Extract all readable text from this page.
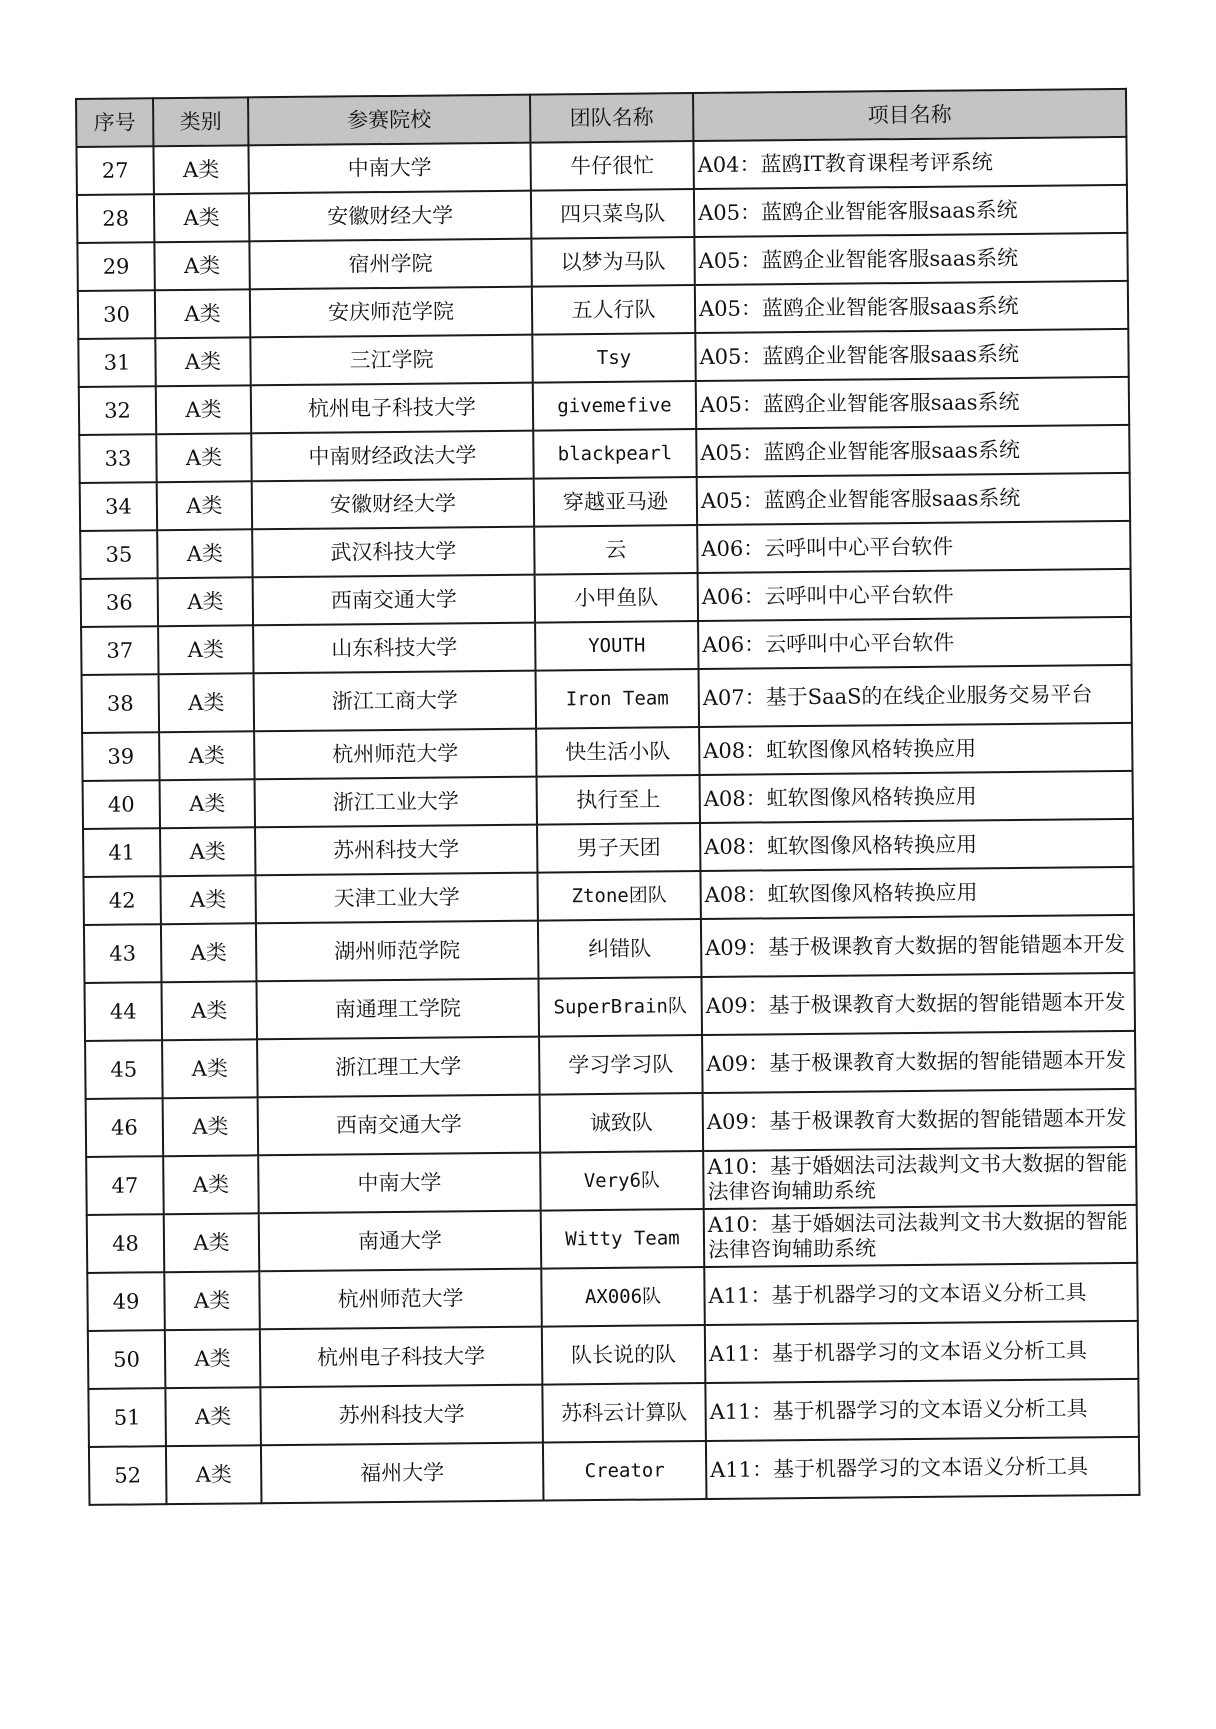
序号	类别	参赛院校	团队名称	项目名称
27	A类	中南大学	牛仔很忙	A04：蓝鸥IT教育课程考评系统
28	A类	安徽财经大学	四只菜鸟队	A05：蓝鸥企业智能客服saas系统
29	A类	宿州学院	以梦为马队	A05：蓝鸥企业智能客服saas系统
30	A类	安庆师范学院	五人行队	A05：蓝鸥企业智能客服saas系统
31	A类	三江学院	Tsy	A05：蓝鸥企业智能客服saas系统
32	A类	杭州电子科技大学	givemefive	A05：蓝鸥企业智能客服saas系统
33	A类	中南财经政法大学	blackpearl	A05：蓝鸥企业智能客服saas系统
34	A类	安徽财经大学	穿越亚马逊	A05：蓝鸥企业智能客服saas系统
35	A类	武汉科技大学	云	A06：云呼叫中心平台软件
36	A类	西南交通大学	小甲鱼队	A06：云呼叫中心平台软件
37	A类	山东科技大学	YOUTH	A06：云呼叫中心平台软件
38	A类	浙江工商大学	Iron Team	A07：基于SaaS的在线企业服务交易平台
39	A类	杭州师范大学	快生活小队	A08：虹软图像风格转换应用
40	A类	浙江工业大学	执行至上	A08：虹软图像风格转换应用
41	A类	苏州科技大学	男子天团	A08：虹软图像风格转换应用
42	A类	天津工业大学	Ztone团队	A08：虹软图像风格转换应用
43	A类	湖州师范学院	纠错队	A09：基于极课教育大数据的智能错题本开发
44	A类	南通理工学院	SuperBrain队	A09：基于极课教育大数据的智能错题本开发
45	A类	浙江理工大学	学习学习队	A09：基于极课教育大数据的智能错题本开发
46	A类	西南交通大学	诚致队	A09：基于极课教育大数据的智能错题本开发
47	A类	中南大学	Very6队	A10：基于婚姻法司法裁判文书大数据的智能法律咨询辅助系统
48	A类	南通大学	Witty Team	A10：基于婚姻法司法裁判文书大数据的智能法律咨询辅助系统
49	A类	杭州师范大学	AX006队	A11：基于机器学习的文本语义分析工具
50	A类	杭州电子科技大学	队长说的队	A11：基于机器学习的文本语义分析工具
51	A类	苏州科技大学	苏科云计算队	A11：基于机器学习的文本语义分析工具
52	A类	福州大学	Creator	A11：基于机器学习的文本语义分析工具
